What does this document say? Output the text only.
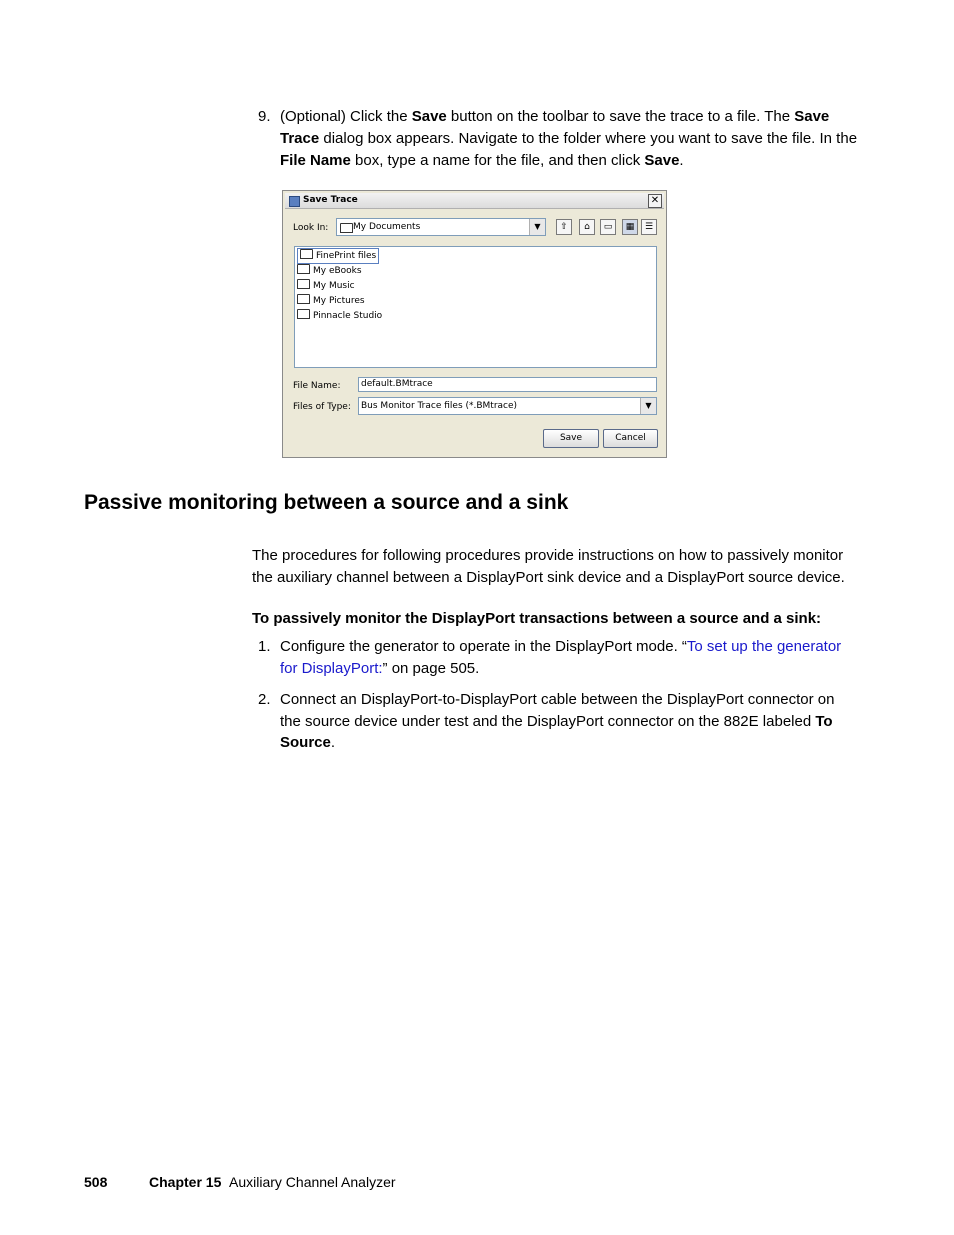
9. (Optional) Click the Save button on the toolbar to save the trace to a file. The Save
Trace dialog box appears. Navigate to the folder where you want to save the file. In the
File Name box, type a name for the file, and then click Save.
Save Trace	✕
Look In:	My Documents	▼	⇧	⌂	▭	▦	☰
FinePrint files
My eBooks
My Music
My Pictures
Pinnacle Studio
File Name: default.BMtrace
Files of Type: Bus Monitor Trace files (*.BMtrace)	▼
Save	Cancel
Passive monitoring between a source and a sink
The procedures for following procedures provide instructions on how to passively monitor
the auxiliary channel between a DisplayPort sink device and a DisplayPort source device.
To passively monitor the DisplayPort transactions between a source and a sink:
1. Configure the generator to operate in the DisplayPort mode. “To set up the generator
for DisplayPort:” on page 505.
2. Connect an DisplayPort-to-DisplayPort cable between the DisplayPort connector on
the source device under test and the DisplayPort connector on the 882E labeled To
Source.
508	Chapter 15 Auxiliary Channel Analyzer
